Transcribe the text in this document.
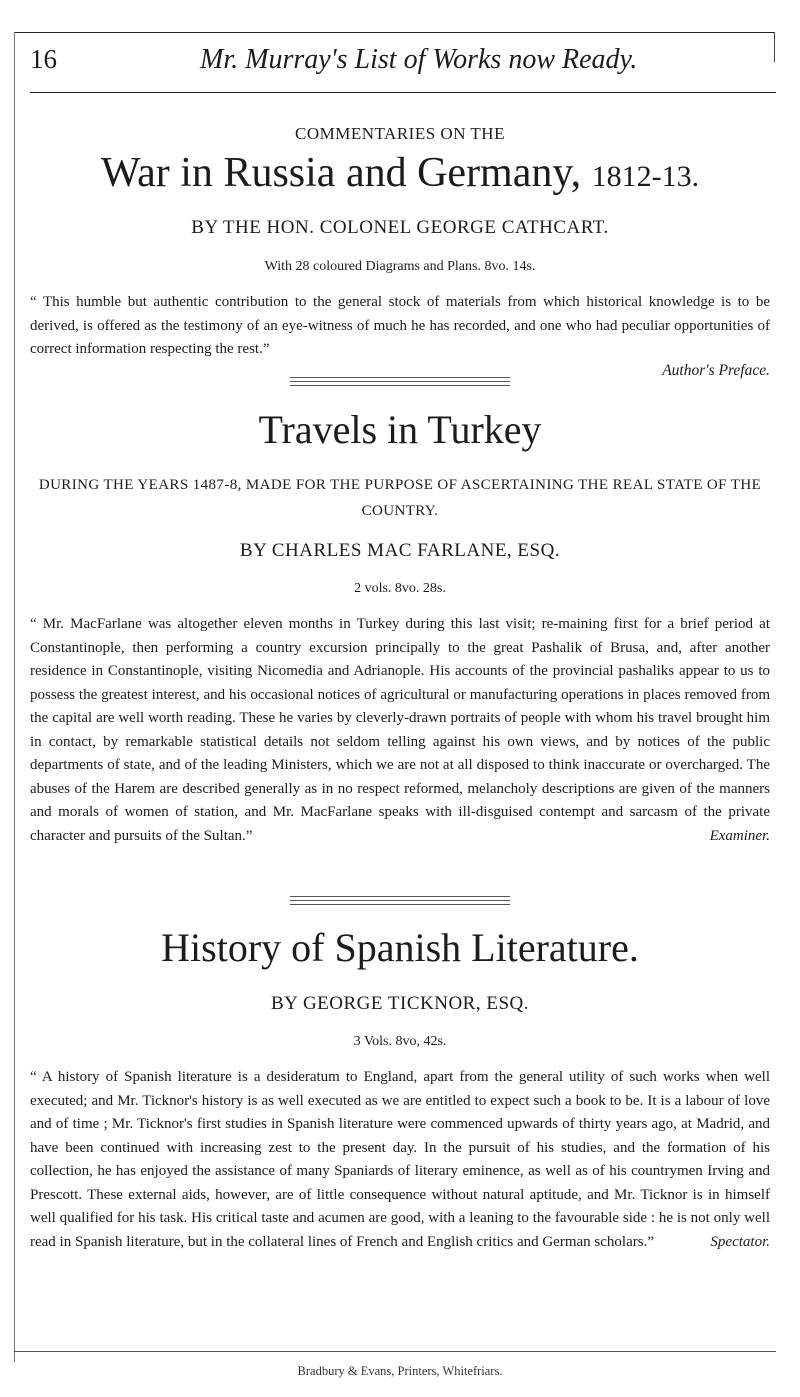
16	Mr. Murray's List of Works now Ready.
COMMENTARIES ON THE
War in Russia and Germany, 1812-13.
BY THE HON. COLONEL GEORGE CATHCART.
With 28 coloured Diagrams and Plans. 8vo. 14s.
“ This humble but authentic contribution to the general stock of materials from which historical knowledge is to be derived, is offered as the testimony of an eye-witness of much he has recorded, and one who had peculiar opportunities of correct information respecting the rest.”
Author's Preface.
Travels in Turkey
DURING THE YEARS 1487-8, MADE FOR THE PURPOSE OF ASCERTAINING THE REAL STATE OF THE COUNTRY.
BY CHARLES MAC FARLANE, ESQ.
2 vols. 8vo. 28s.
“ Mr. MacFarlane was altogether eleven months in Turkey during this last visit; re-maining first for a brief period at Constantinople, then performing a country excursion principally to the great Pashalik of Brusa, and, after another residence in Constantinople, visiting Nicomedia and Adrianople. His accounts of the provincial pashaliks appear to us to possess the greatest interest, and his occasional notices of agricultural or manufacturing operations in places removed from the capital are well worth reading. These he varies by cleverly-drawn portraits of people with whom his travel brought him in contact, by remarkable statistical details not seldom telling against his own views, and by notices of the public departments of state, and of the leading Ministers, which we are not at all disposed to think inaccurate or overcharged. The abuses of the Harem are described generally as in no respect reformed, melancholy descriptions are given of the manners and morals of women of station, and Mr. MacFarlane speaks with ill-disguised contempt and sarcasm of the private character and pursuits of the Sultan.”	Examiner.
History of Spanish Literature.
BY GEORGE TICKNOR, ESQ.
3 Vols. 8vo, 42s.
“ A history of Spanish literature is a desideratum to England, apart from the general utility of such works when well executed; and Mr. Ticknor's history is as well executed as we are entitled to expect such a book to be. It is a labour of love and of time ; Mr. Ticknor's first studies in Spanish literature were commenced upwards of thirty years ago, at Madrid, and have been continued with increasing zest to the present day. In the pursuit of his studies, and the formation of his collection, he has enjoyed the assistance of many Spaniards of literary eminence, as well as of his countrymen Irving and Prescott. These external aids, however, are of little consequence without natural aptitude, and Mr. Ticknor is in himself well qualified for his task. His critical taste and acumen are good, with a leaning to the favourable side : he is not only well read in Spanish literature, but in the collateral lines of French and English critics and German scholars.”	Spectator.
Bradbury & Evans, Printers, Whitefriars.
